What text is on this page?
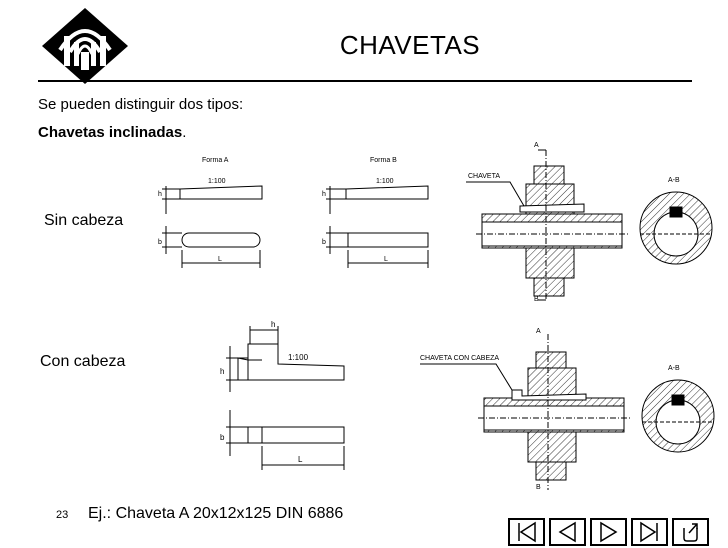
CHAVETAS
Se pueden distinguir dos tipos:
Chavetas inclinadas.
Sin cabeza
Con cabeza
Forma A
1:100
h
b
L
Forma B
1:100
h
b
L
A
B
CHAVETA
A-B
h
1:100
h
b
L
A
B
CHAVETA CON CABEZA
A-B
23 Ej.: Chaveta A 20x12x125 DIN 6886
